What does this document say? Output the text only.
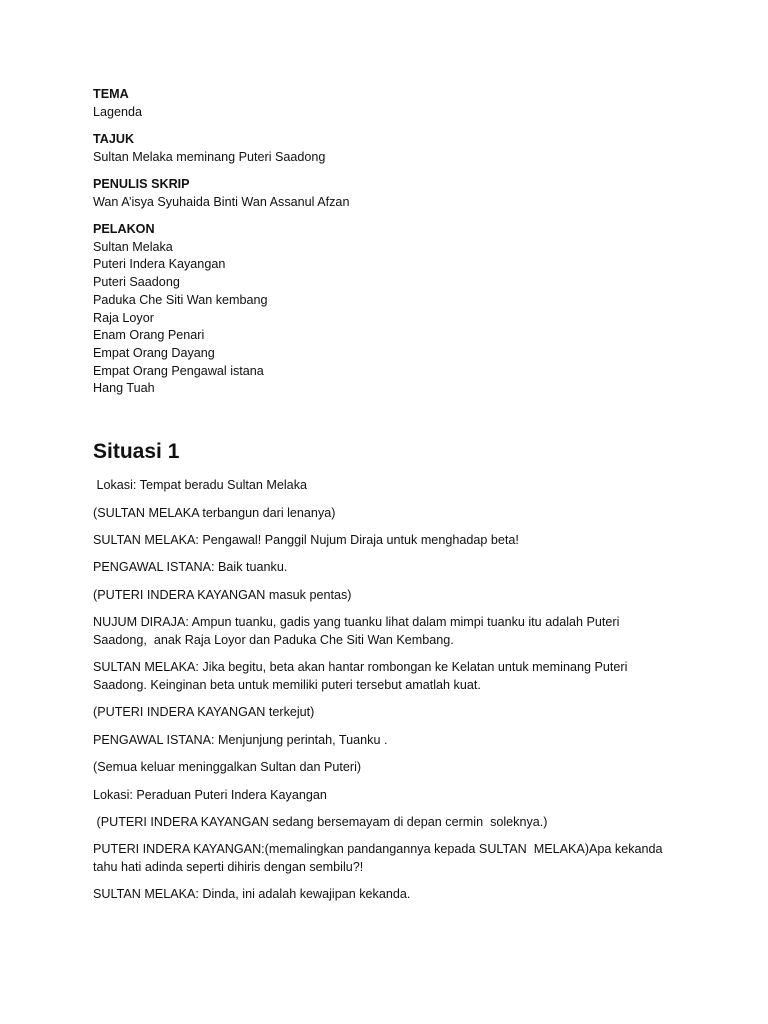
TEMA
Lagenda
TAJUK
Sultan Melaka meminang Puteri Saadong
PENULIS SKRIP
Wan A’isya Syuhaida Binti Wan Assanul Afzan
PELAKON
Sultan Melaka
Puteri Indera Kayangan
Puteri Saadong
Paduka Che Siti Wan kembang
Raja Loyor
Enam Orang Penari
Empat Orang Dayang
Empat Orang Pengawal istana
Hang Tuah
Situasi 1
Lokasi: Tempat beradu Sultan Melaka
(SULTAN MELAKA terbangun dari lenanya)
SULTAN MELAKA: Pengawal! Panggil Nujum Diraja untuk menghadap beta!
PENGAWAL ISTANA: Baik tuanku.
(PUTERI INDERA KAYANGAN masuk pentas)
NUJUM DIRAJA: Ampun tuanku, gadis yang tuanku lihat dalam mimpi tuanku itu adalah Puteri
Saadong,  anak Raja Loyor dan Paduka Che Siti Wan Kembang.
SULTAN MELAKA: Jika begitu, beta akan hantar rombongan ke Kelatan untuk meminang Puteri
Saadong. Keinginan beta untuk memiliki puteri tersebut amatlah kuat.
(PUTERI INDERA KAYANGAN terkejut)
PENGAWAL ISTANA: Menjunjung perintah, Tuanku .
(Semua keluar meninggalkan Sultan dan Puteri)
Lokasi: Peraduan Puteri Indera Kayangan
(PUTERI INDERA KAYANGAN sedang bersemayam di depan cermin  soleknya.)
PUTERI INDERA KAYANGAN:(memalingkan pandangannya kepada SULTAN  MELAKA)Apa kekanda
tahu hati adinda seperti dihiris dengan sembilu?!
SULTAN MELAKA: Dinda, ini adalah kewajipan kekanda.
